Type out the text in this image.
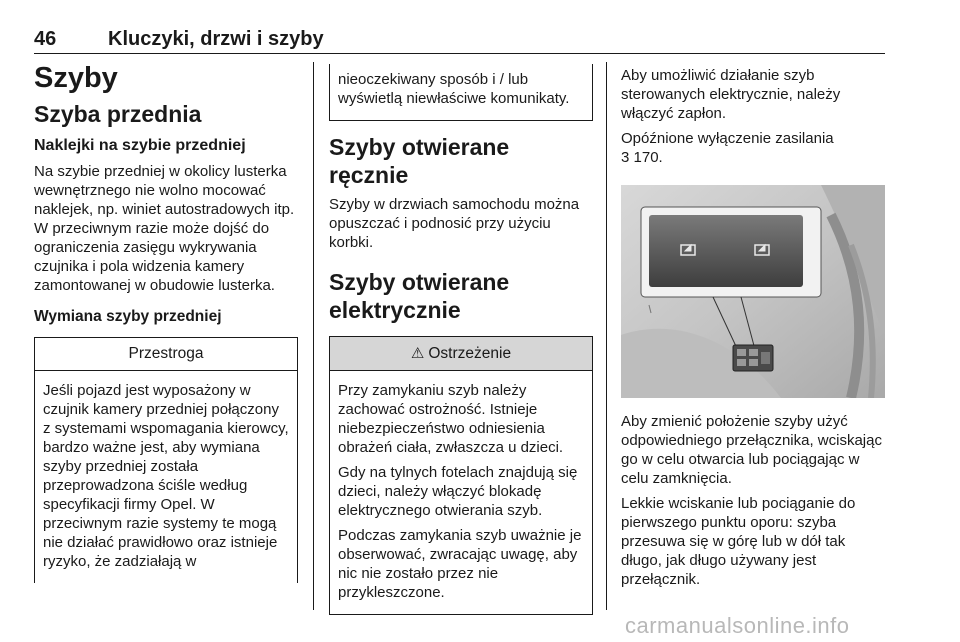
46	Kluczyki, drzwi i szyby
Szyby
Szyba przednia
Naklejki na szybie przedniej

Na szybie przedniej w okolicy lusterka wewnętrznego nie wolno mocować naklejek, np. winiet autostradowych itp. W przeciwnym razie może dojść do ograniczenia zasięgu wykrywania czujnika i pola widzenia kamery zamontowanej w obudowie lusterka.

Wymiana szyby przedniej
Przestroga

Jeśli pojazd jest wyposażony w czujnik kamery przedniej połączony z systemami wspomagania kierowcy, bardzo ważne jest, aby wymiana szyby przedniej została przeprowadzona ściśle według specyfikacji firmy Opel. W przeciwnym razie systemy te mogą nie działać prawidłowo oraz istnieje ryzyko, że zadziałają w

nieoczekiwany sposób i / lub wyświetlą niewłaściwe komunikaty.

Szyby otwierane ręcznie

Szyby w drzwiach samochodu można opuszczać i podnosić przy użyciu korbki.

Szyby otwierane elektrycznie
⚠ Ostrzeżenie

Przy zamykaniu szyb należy zachować ostrożność. Istnieje niebezpieczeństwo odniesienia obrażeń ciała, zwłaszcza u dzieci.

Gdy na tylnych fotelach znajdują się dzieci, należy włączyć blokadę elektrycznego otwierania szyb.

Podczas zamykania szyb uważnie je obserwować, zwracając uwagę, aby nic nie zostało przez nie przykleszczone.

Aby umożliwić działanie szyb sterowanych elektrycznie, należy włączyć zapłon.

Opóźnione wyłączenie zasilania
3 170.

Aby zmienić położenie szyby użyć odpowiedniego przełącznika, wciskając go w celu otwarcia lub pociągając w celu zamknięcia.

Lekkie wciskanie lub pociąganie do pierwszego punktu oporu: szyba przesuwa się w górę lub w dół tak długo, jak długo używany jest przełącznik.

carmanualsonline.info
